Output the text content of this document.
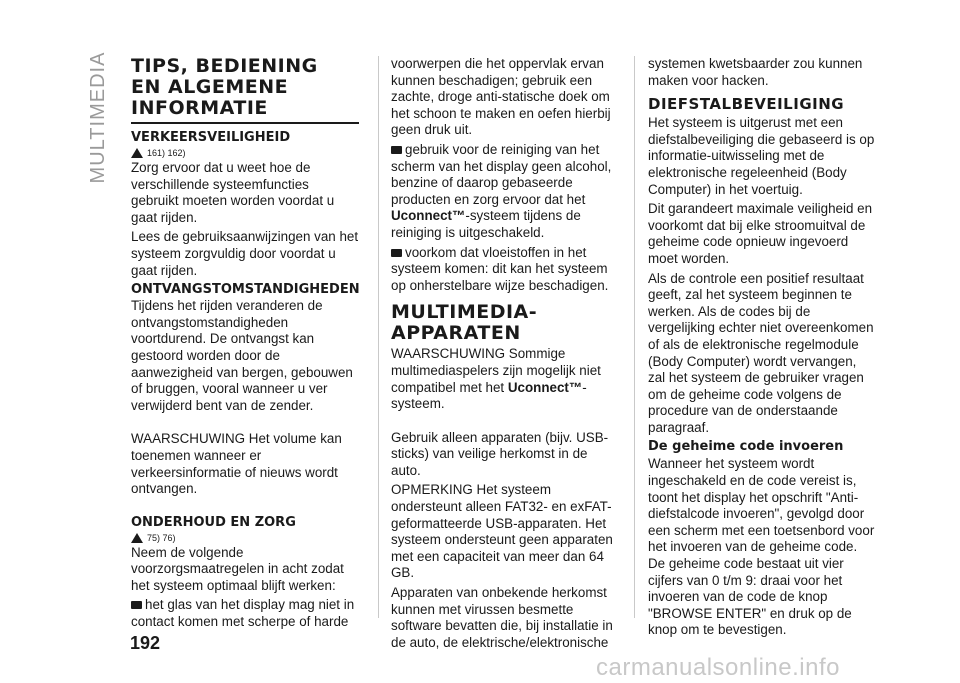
MULTIMEDIA TIPS, BEDIENING
EN ALGEMENE
INFORMATIE
VERKEERSVEILIGHEID
161) 162)

Zorg ervoor dat u weet hoe de verschillende systeemfuncties gebruikt moeten worden voordat u gaat rijden.

Lees de gebruiksaanwijzingen van het systeem zorgvuldig door voordat u gaat rijden.

ONTVANGSTOMSTANDIGHEDEN

Tijdens het rijden veranderen de ontvangstomstandigheden voortdurend. De ontvangst kan gestoord worden door de aanwezigheid van bergen, gebouwen of bruggen, vooral wanneer u ver verwijderd bent van de zender.

WAARSCHUWING Het volume kan toenemen wanneer er verkeersinformatie of nieuws wordt ontvangen.

ONDERHOUD EN ZORG
75) 76)

Neem de volgende voorzorgsmaatregelen in acht zodat het systeem optimaal blijft werken:

het glas van het display mag niet in contact komen met scherpe of harde

voorwerpen die het oppervlak ervan kunnen beschadigen; gebruik een zachte, droge anti-statische doek om het schoon te maken en oefen hierbij geen druk uit.

gebruik voor de reiniging van het scherm van het display geen alcohol, benzine of daarop gebaseerde producten en zorg ervoor dat het Uconnect™-systeem tijdens de reiniging is uitgeschakeld.

voorkom dat vloeistoffen in het systeem komen: dit kan het systeem op onherstelbare wijze beschadigen.

MULTIMEDIA-
APPARATEN

WAARSCHUWING Sommige multimediaspelers zijn mogelijk niet compatibel met het Uconnect™-systeem.

Gebruik alleen apparaten (bijv. USB-sticks) van veilige herkomst in de auto.

OPMERKING Het systeem ondersteunt alleen FAT32- en exFAT-geformatteerde USB-apparaten. Het systeem ondersteunt geen apparaten met een capaciteit van meer dan 64 GB.

Apparaten van onbekende herkomst kunnen met virussen besmette software bevatten die, bij installatie in de auto, de elektrische/elektronische

systemen kwetsbaarder zou kunnen maken voor hacken.

DIEFSTALBEVEILIGING

Het systeem is uitgerust met een diefstalbeveiliging die gebaseerd is op informatie-uitwisseling met de elektronische regeleenheid (Body Computer) in het voertuig.

Dit garandeert maximale veiligheid en voorkomt dat bij elke stroomuitval de geheime code opnieuw ingevoerd moet worden.

Als de controle een positief resultaat geeft, zal het systeem beginnen te werken. Als de codes bij de vergelijking echter niet overeenkomen of als de elektronische regelmodule (Body Computer) wordt vervangen, zal het systeem de gebruiker vragen om de geheime code volgens de procedure van de onderstaande paragraaf.

De geheime code invoeren

Wanneer het systeem wordt ingeschakeld en de code vereist is, toont het display het opschrift "Anti-diefstalcode invoeren", gevolgd door een scherm met een toetsenbord voor het invoeren van de geheime code. De geheime code bestaat uit vier cijfers van 0 t/m 9: draai voor het invoeren van de code de knop "BROWSE ENTER" en druk op de knop om te bevestigen.

192
carmanualsonline.info
